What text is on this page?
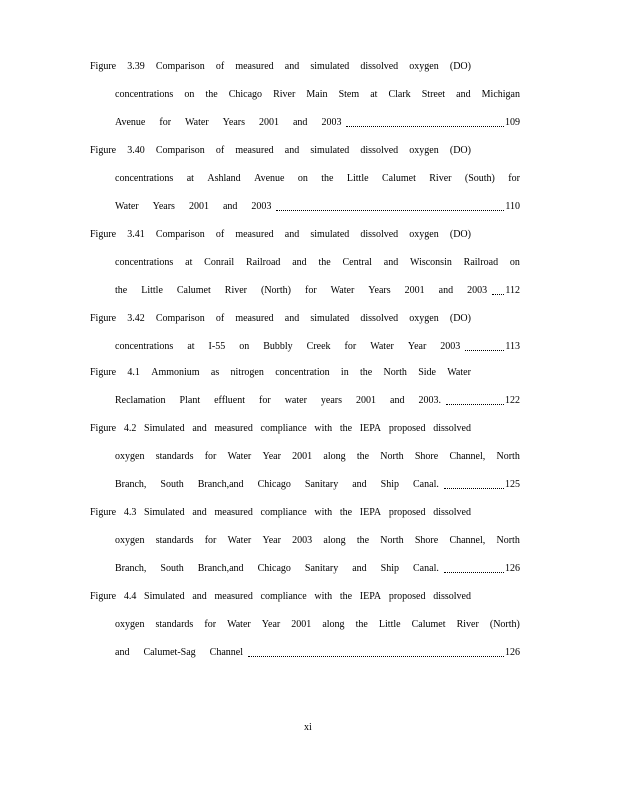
Figure 3.39 Comparison of measured and simulated dissolved oxygen (DO)
concentrations on the Chicago River Main Stem at Clark Street and Michigan
Avenue for Water Years 2001 and 2003	109
Figure 3.40 Comparison of measured and simulated dissolved oxygen (DO)
concentrations at Ashland Avenue on the Little Calumet River (South) for
Water Years 2001 and 2003	110
Figure 3.41 Comparison of measured and simulated dissolved oxygen (DO)
concentrations at Conrail Railroad and the Central and Wisconsin Railroad on
the Little Calumet River (North) for Water Years 2001 and 2003	112
Figure 3.42 Comparison of measured and simulated dissolved oxygen (DO)
concentrations at I-55 on Bubbly Creek for Water Year 2003	113
Figure 4.1 Ammonium as nitrogen concentration in the North Side Water
Reclamation Plant effluent for water years 2001 and 2003.	122
Figure 4.2 Simulated and measured compliance with the IEPA proposed dissolved
oxygen standards for Water Year 2001 along the North Shore Channel, North
Branch, South Branch,and Chicago Sanitary and Ship Canal.	125
Figure 4.3 Simulated and measured compliance with the IEPA proposed dissolved
oxygen standards for Water Year 2003 along the North Shore Channel, North
Branch, South Branch,and Chicago Sanitary and Ship Canal.	126
Figure 4.4 Simulated and measured compliance with the IEPA proposed dissolved
oxygen standards for Water Year 2001 along the Little Calumet River (North)
and Calumet-Sag Channel	126
xi
